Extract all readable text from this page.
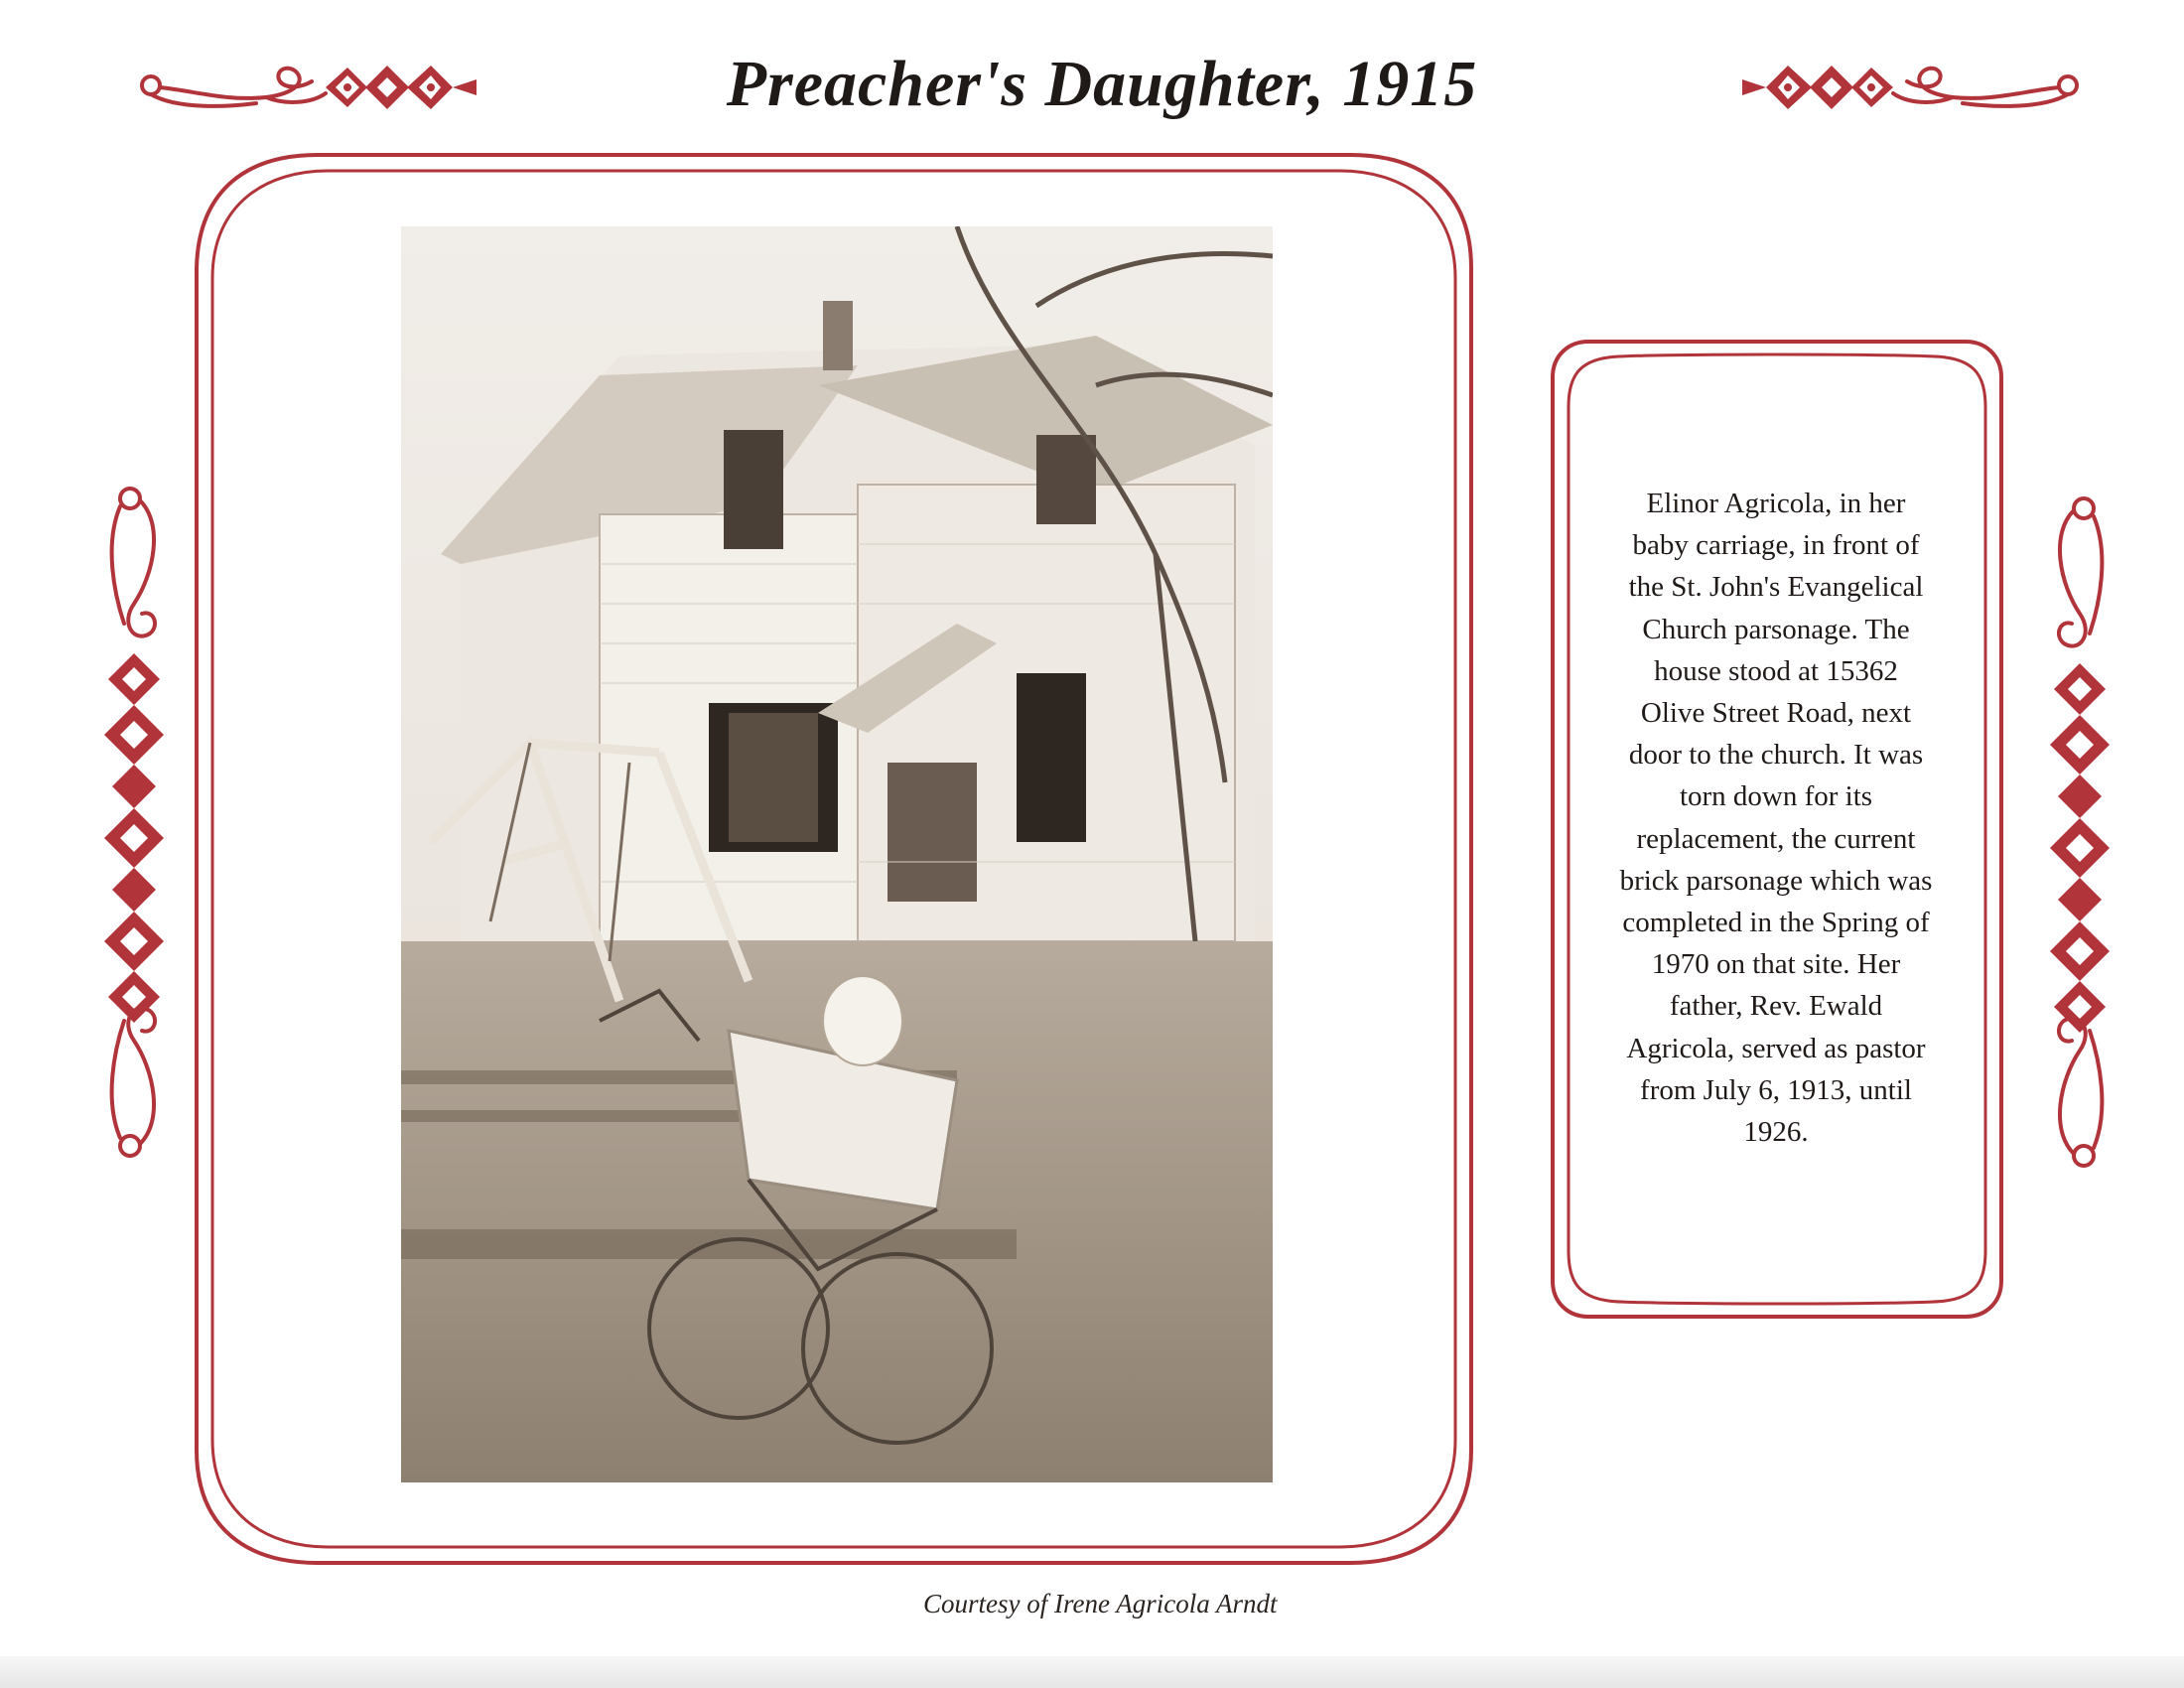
Preacher's Daughter, 1915
Elinor Agricola, in her
baby carriage, in front of
the St. John's Evangelical
Church parsonage. The
house stood at 15362
Olive Street Road, next
door to the church. It was
torn down for its
replacement, the current
brick parsonage which was
completed in the Spring of
1970 on that site. Her
father, Rev. Ewald
Agricola, served as pastor
from July 6, 1913, until
1926.
Courtesy of Irene Agricola Arndt
